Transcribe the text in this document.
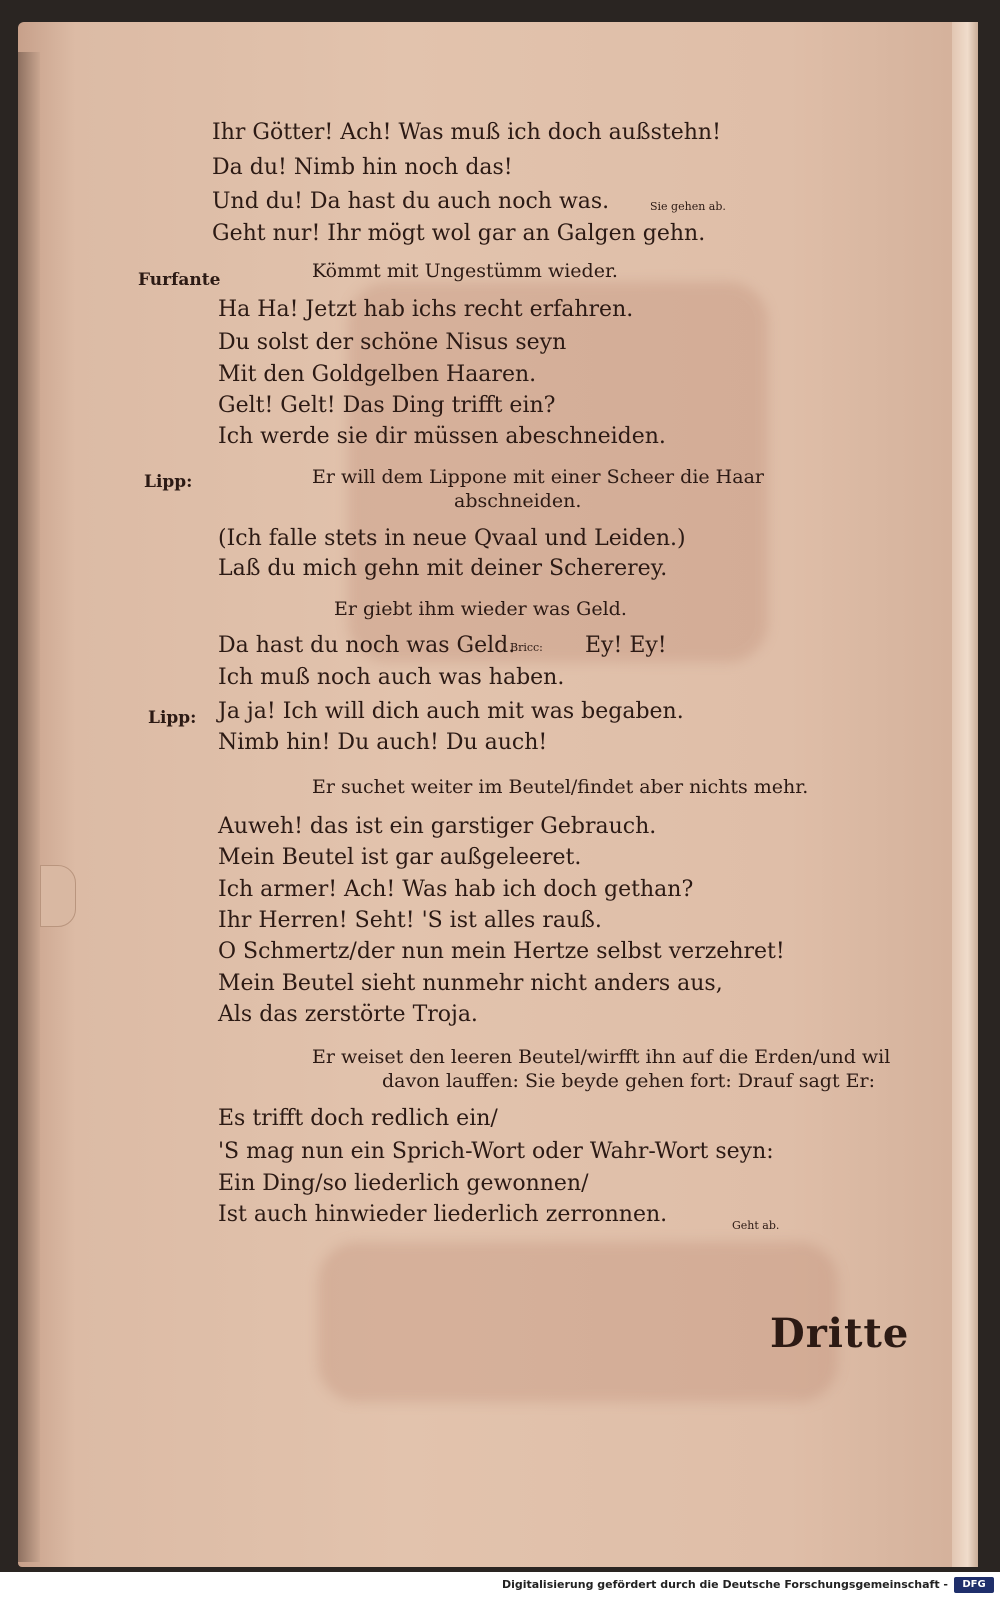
Ihr Götter! Ach! Was muß ich doch außstehn!
Da du! Nimb hin noch das!
Und du! Da hast du auch noch was.	Sie gehen ab.
Geht nur! Ihr mögt wol gar an Galgen gehn.
Furfante	Kömmt mit Ungestümm wieder.
Ha Ha! Jetzt hab ichs recht erfahren.
Du solst der schöne Nisus seyn
Mit den Goldgelben Haaren.
Gelt! Gelt! Das Ding trifft ein?
Ich werde sie dir müssen abeschneiden.
Lipp:	Er will dem Lippone mit einer Scheer die Haar
abschneiden.
(Ich falle stets in neue Qvaal und Leiden.)
Laß du mich gehn mit deiner Schererey.
Er giebt ihm wieder was Geld.
Da hast du noch was Geld.
Bricc: Ey! Ey!
Ich muß noch auch was haben.
Lipp: Ja ja! Ich will dich auch mit was begaben.
Nimb hin! Du auch! Du auch!
Er suchet weiter im Beutel/findet aber nichts mehr.
Auweh! das ist ein garstiger Gebrauch.
Mein Beutel ist gar außgeleeret.
Ich armer! Ach! Was hab ich doch gethan?
Ihr Herren! Seht! 'S ist alles rauß.
O Schmertz/der nun mein Hertze selbst verzehret!
Mein Beutel sieht nunmehr nicht anders aus,
Als das zerstörte Troja.
Er weiset den leeren Beutel/wirfft ihn auf die Erden/und wil
davon lauffen: Sie beyde gehen fort: Drauf sagt Er:
Es trifft doch redlich ein/
'S mag nun ein Sprich-Wort oder Wahr-Wort seyn:
Ein Ding/so liederlich gewonnen/
Ist auch hinwieder liederlich zerronnen.	Geht ab.
Dritte
Digitalisierung gefördert durch die Deutsche Forschungsgemeinschaft -	DFG
